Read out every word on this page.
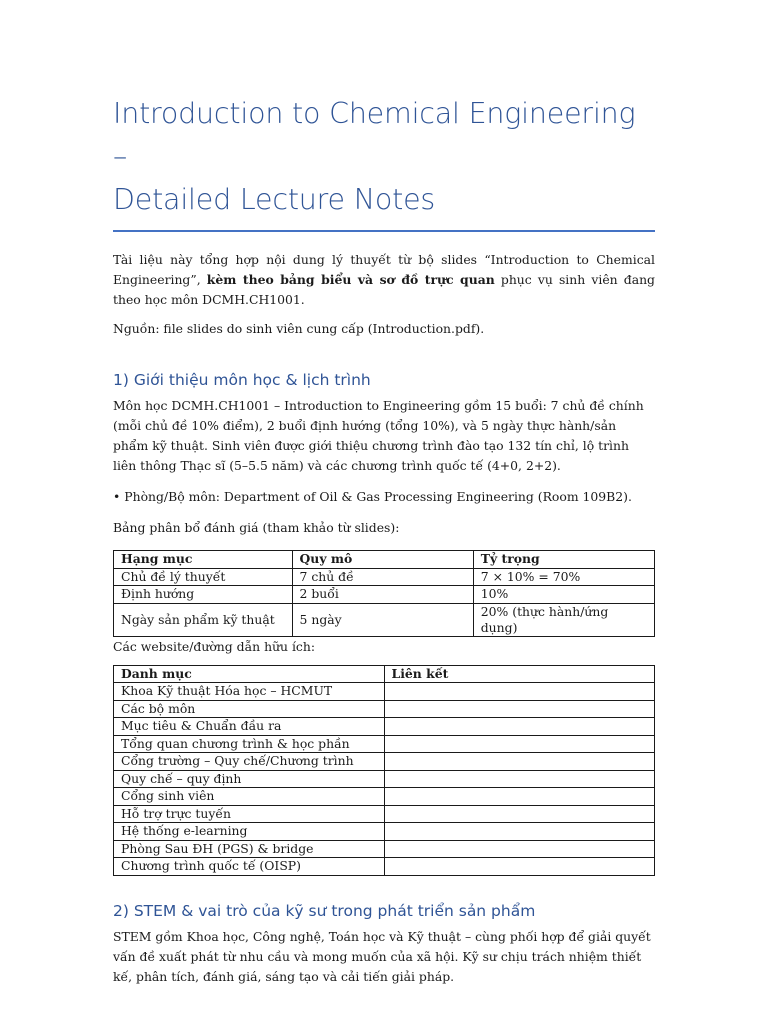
Introduction to Chemical Engineering –
Detailed Lecture Notes

Tài liệu này tổng hợp nội dung lý thuyết từ bộ slides “Introduction to Chemical Engineering”, kèm theo bảng biểu và sơ đồ trực quan phục vụ sinh viên đang theo học môn DCMH.CH1001.

Nguồn: file slides do sinh viên cung cấp (Introduction.pdf).

1) Giới thiệu môn học & lịch trình

Môn học DCMH.CH1001 – Introduction to Engineering gồm 15 buổi: 7 chủ đề chính (mỗi chủ đề 10% điểm), 2 buổi định hướng (tổng 10%), và 5 ngày thực hành/sản phẩm kỹ thuật. Sinh viên được giới thiệu chương trình đào tạo 132 tín chỉ, lộ trình liên thông Thạc sĩ (5–5.5 năm) và các chương trình quốc tế (4+0, 2+2).

• Phòng/Bộ môn: Department of Oil & Gas Processing Engineering (Room 109B2).

Bảng phân bổ đánh giá (tham khảo từ slides):

Hạng mục	Quy mô	Tỷ trọng
Chủ đề lý thuyết	7 chủ đề	7 × 10% = 70%
Định hướng	2 buổi	10%
Ngày sản phẩm kỹ thuật	5 ngày	20% (thực hành/ứng dụng)

Các website/đường dẫn hữu ích:

Danh mục	Liên kết
Khoa Kỹ thuật Hóa học – HCMUT	
Các bộ môn	
Mục tiêu & Chuẩn đầu ra	
Tổng quan chương trình & học phần	
Cổng trường – Quy chế/Chương trình	
Quy chế – quy định	
Cổng sinh viên	
Hỗ trợ trực tuyến	
Hệ thống e-learning	
Phòng Sau ĐH (PGS) & bridge	
Chương trình quốc tế (OISP)	
2) STEM & vai trò của kỹ sư trong phát triển sản phẩm

STEM gồm Khoa học, Công nghệ, Toán học và Kỹ thuật – cùng phối hợp để giải quyết vấn đề xuất phát từ nhu cầu và mong muốn của xã hội. Kỹ sư chịu trách nhiệm thiết kế, phân tích, đánh giá, sáng tạo và cải tiến giải pháp.
